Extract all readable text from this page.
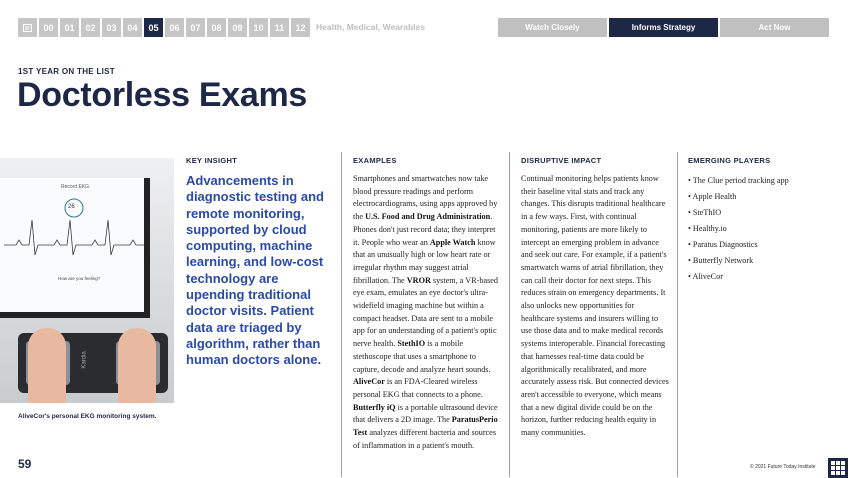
00	01	02	03	04	05	06	07	08	09	10	11	12	Health, Medical, Wearables	Watch Closely	Informs Strategy	Act Now
1ST YEAR ON THE LIST
Doctorless Exams
Record EKG
26
How are you feeling?
Kardia
AliveCor's personal EKG monitoring system.
KEY INSIGHT

Advancements in diagnostic testing and remote monitoring, supported by cloud computing, machine learning, and low-cost technology are upending traditional doctor visits. Patient data are triaged by algorithm, rather than human doctors alone.

EXAMPLES

Smartphones and smartwatches now take blood pressure readings and perform electrocardiograms, using apps approved by the U.S. Food and Drug Administration. Phones don't just record data; they interpret it. People who wear an Apple Watch know that an unusually high or low heart rate or irregular rhythm may suggest atrial fibrillation. The VROR system, a VR-based eye exam, emulates an eye doctor's ultra-widefield imaging machine but within a compact headset. Data are sent to a mobile app for an understanding of a patient's optic nerve health. StethIO is a mobile stethoscope that uses a smartphone to capture, decode and analyze heart sounds. AliveCor is an FDA-Cleared wireless personal EKG that connects to a phone. Butterfly iQ is a portable ultrasound device that delivers a 2D image. The ParatusPerio Test analyzes different bacteria and sources of inflammation in a patient's mouth.

DISRUPTIVE IMPACT

Continual monitoring helps patients know their baseline vital stats and track any changes. This disrupts traditional healthcare in a few ways. First, with continual monitoring, patients are more likely to intercept an emerging problem in advance and seek out care. For example, if a patient's smartwatch warns of atrial fibrillation, they can call their doctor for next steps. This reduces strain on emergency departments. It also unlocks new opportunities for healthcare systems and insurers willing to use those data and to make medical records systems interoperable. Financial forecasting that harnesses real-time data could be algorithmically recalibrated, and more accurately assess risk. But connected devices aren't accessible to everyone, which means that a new digital divide could be on the horizon, further reducing health equity in many communities.

EMERGING PLAYERS
• The Clue period tracking app
• Apple Health
• SteThIO
• Healthy.io
• Paratus Diagnostics
• Butterfly Network
• AliveCor
59	© 2021 Future Today Institute
